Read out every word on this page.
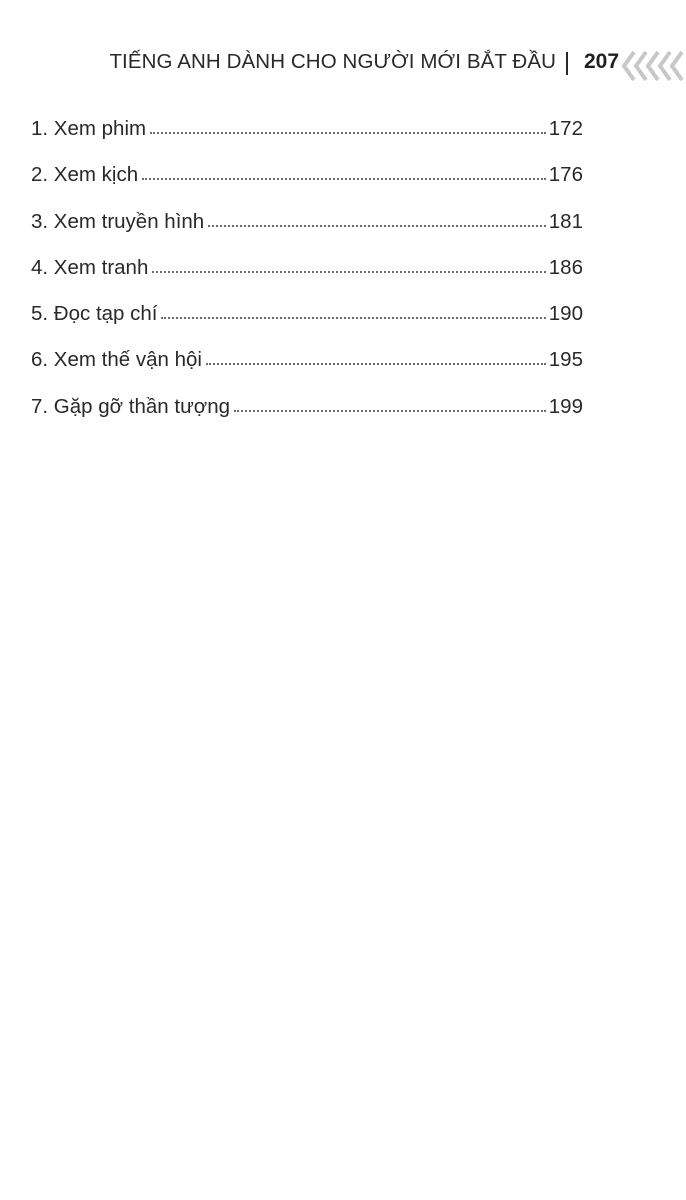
TIẾNG ANH DÀNH CHO NGƯỜI MỚI BẮT ĐẦU 207
1. Xem phim	172
2. Xem kịch	176
3. Xem truyền hình	181
4. Xem tranh	186
5. Đọc tạp chí	190
6. Xem thế vận hội	195
7. Gặp gỡ thần tượng	199
